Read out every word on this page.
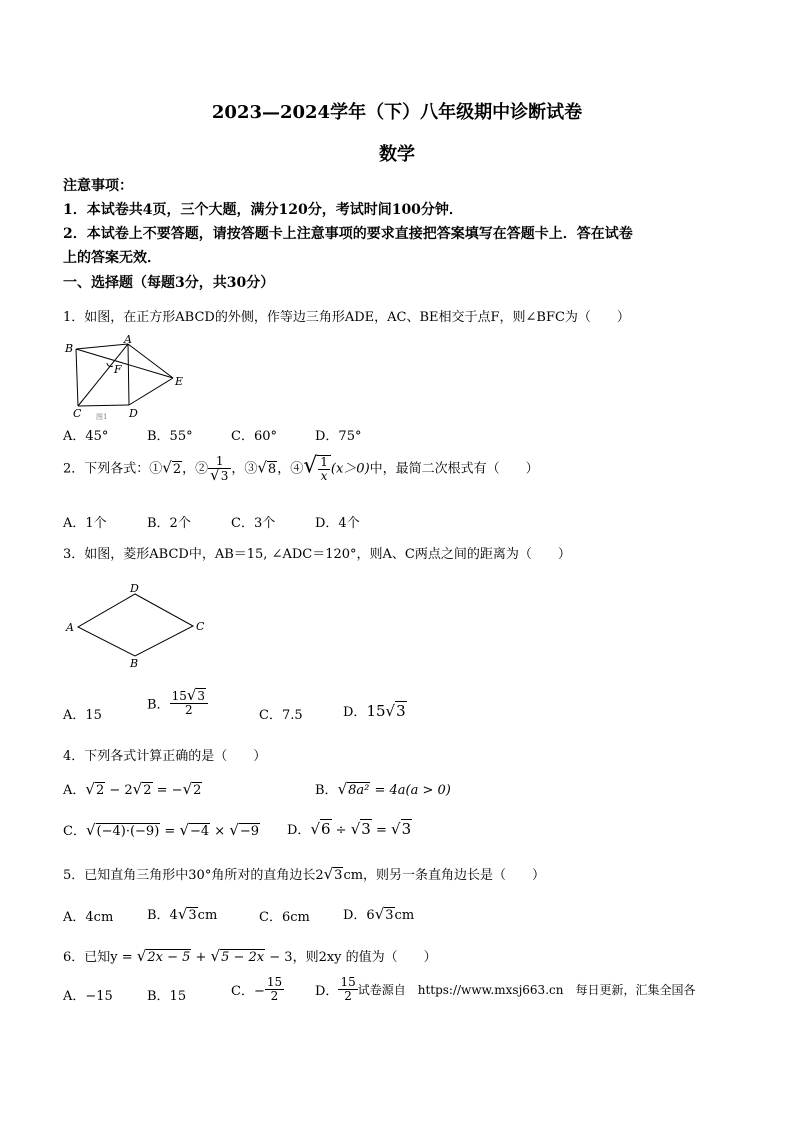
2023—2024学年（下）八年级期中诊断试卷
数学
注意事项：
1．本试卷共4页，三个大题，满分120分，考试时间100分钟．
2．本试卷上不要答题，请按答题卡上注意事项的要求直接把答案填写在答题卡上．答在试卷
上的答案无效．
一、选择题（每题3分，共30分）
1．如图，在正方形ABCD的外侧，作等边三角形ADE，AC、BE相交于点F，则∠BFC为（　　）
B
A
F
E
C	D
图1
A．45°	B．55°	C．60°	D．75°
2．下列各式：①√2，② $\frac{1}{√3}$ ，③√8，④√ $\frac{1}{x} (x>0)$中，最简二次根式有（　　）
A．1个	B．2个	C．3个	D．4个
3．如图，菱形ABCD中，AB＝15, ∠ADC＝120°，则A、C两点之间的距离为（　　）
D
A	C
B
A．15
B． $\frac{15√3}{2}$	C．7.5	D．15√3
4．下列各式计算正确的是（　　）
A．√2 − 2√2 = −√2	B．√8a² = 4a(a > 0)
C．√(−4)·(−9) = √−4 × √−9 D．√6 ÷ √3 = √3
5．已知直角三角形中30°角所对的直角边长2√3cm，则另一条直角边长是（　　）
A．4cm	B．4√3cm	C．6cm	D．6√3cm
6．已知y = √2x − 5 + √5 − 2x − 3，则2xy 的值为（　　）
A．−15	B．15	C．− $\frac{15}{2}$ D． $\frac{15}{2}$ 试卷源自　https://www.mxsj663.cn　每日更新，汇集全国各
